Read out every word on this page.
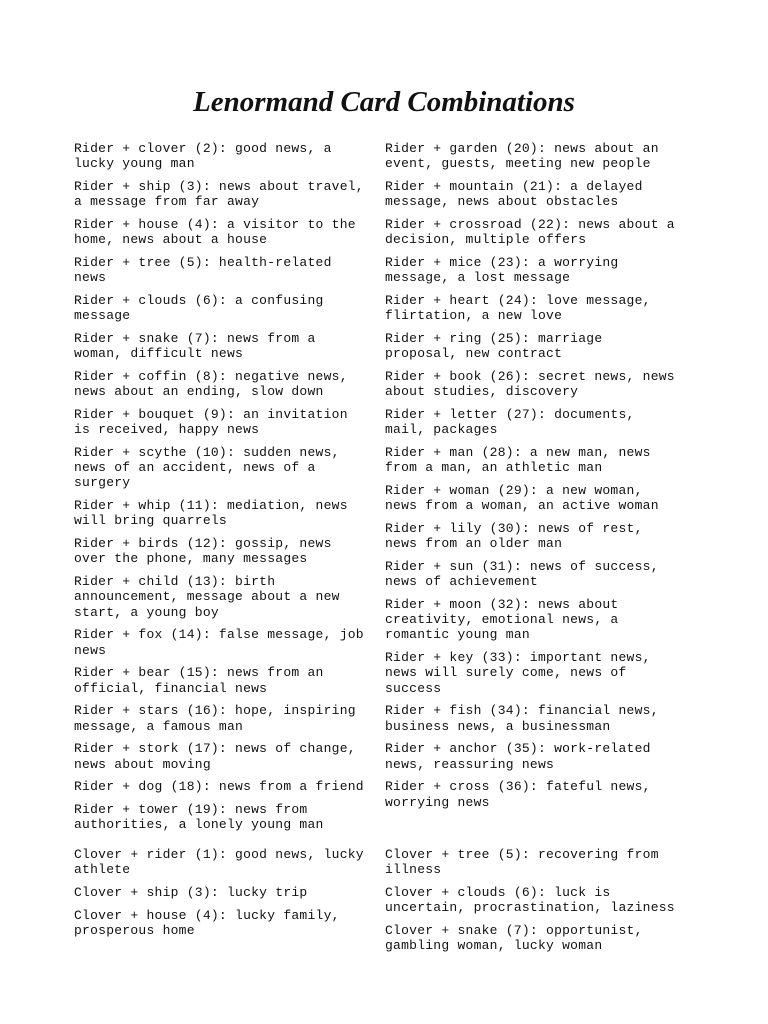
Lenormand Card Combinations
Rider + clover (2): good news, a
lucky young man
Rider + ship (3): news about travel,
a message from far away
Rider + house (4): a visitor to the
home, news about a house
Rider + tree (5): health-related
news
Rider + clouds (6): a confusing
message
Rider + snake (7): news from a
woman, difficult news
Rider + coffin (8): negative news,
news about an ending, slow down
Rider + bouquet (9): an invitation
is received, happy news
Rider + scythe (10): sudden news,
news of an accident, news of a
surgery
Rider + whip (11): mediation, news
will bring quarrels
Rider + birds (12): gossip, news
over the phone, many messages
Rider + child (13): birth
announcement, message about a new
start, a young boy
Rider + fox (14): false message, job
news
Rider + bear (15): news from an
official, financial news
Rider + stars (16): hope, inspiring
message, a famous man
Rider + stork (17): news of change,
news about moving
Rider + dog (18): news from a friend
Rider + tower (19): news from
authorities, a lonely young man
Rider + garden (20): news about an
event, guests, meeting new people
Rider + mountain (21): a delayed
message, news about obstacles
Rider + crossroad (22): news about a
decision, multiple offers
Rider + mice (23): a worrying
message, a lost message
Rider + heart (24): love message,
flirtation, a new love
Rider + ring (25): marriage
proposal, new contract
Rider + book (26): secret news, news
about studies, discovery
Rider + letter (27): documents,
mail, packages
Rider + man (28): a new man, news
from a man, an athletic man
Rider + woman (29): a new woman,
news from a woman, an active woman
Rider + lily (30): news of rest,
news from an older man
Rider + sun (31): news of success,
news of achievement
Rider + moon (32): news about
creativity, emotional news, a
romantic young man
Rider + key (33): important news,
news will surely come, news of
success
Rider + fish (34): financial news,
business news, a businessman
Rider + anchor (35): work-related
news, reassuring news
Rider + cross (36): fateful news,
worrying news
Clover + rider (1): good news, lucky
athlete
Clover + ship (3): lucky trip
Clover + house (4): lucky family,
prosperous home
Clover + tree (5): recovering from
illness
Clover + clouds (6): luck is
uncertain, procrastination, laziness
Clover + snake (7): opportunist,
gambling woman, lucky woman
